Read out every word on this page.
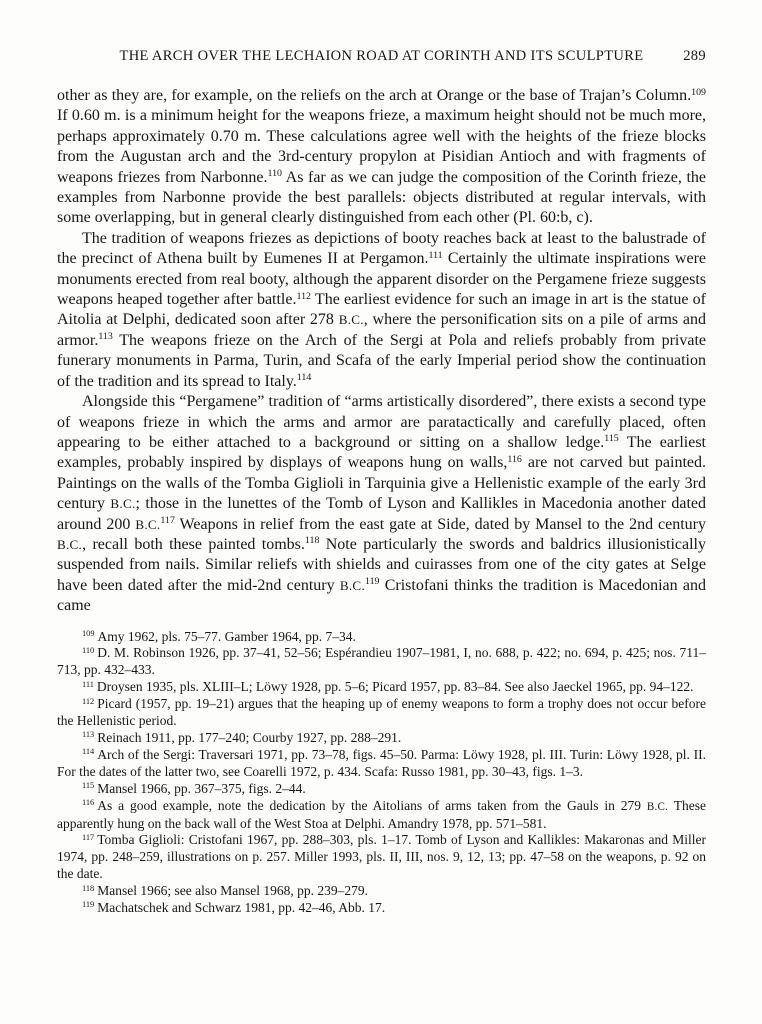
THE ARCH OVER THE LECHAION ROAD AT CORINTH AND ITS SCULPTURE	289

other as they are, for example, on the reliefs on the arch at Orange or the base of Trajan’s Column.$^{109}$ If 0.60 m. is a minimum height for the weapons frieze, a maximum height should not be much more, perhaps approximately 0.70 m. These calculations agree well with the heights of the frieze blocks from the Augustan arch and the 3rd-century propylon at Pisidian Antioch and with fragments of weapons friezes from Narbonne.$^{110}$ As far as we can judge the composition of the Corinth frieze, the examples from Narbonne provide the best parallels: objects distributed at regular intervals, with some overlapping, but in general clearly distinguished from each other (Pl. 60:b, c).

The tradition of weapons friezes as depictions of booty reaches back at least to the balustrade of the precinct of Athena built by Eumenes II at Pergamon.$^{111}$ Certainly the ultimate inspirations were monuments erected from real booty, although the apparent disorder on the Pergamene frieze suggests weapons heaped together after battle.$^{112}$ The earliest evidence for such an image in art is the statue of Aitolia at Delphi, dedicated soon after 278 B.C., where the personification sits on a pile of arms and armor.$^{113}$ The weapons frieze on the Arch of the Sergi at Pola and reliefs probably from private funerary monuments in Parma, Turin, and Scafa of the early Imperial period show the continuation of the tradition and its spread to Italy.$^{114}$

Alongside this “Pergamene” tradition of “arms artistically disordered”, there exists a second type of weapons frieze in which the arms and armor are paratactically and carefully placed, often appearing to be either attached to a background or sitting on a shallow ledge.$^{115}$ The earliest examples, probably inspired by displays of weapons hung on walls,$^{116}$ are not carved but painted. Paintings on the walls of the Tomba Giglioli in Tarquinia give a Hellenistic example of the early 3rd century B.C.; those in the lunettes of the Tomb of Lyson and Kallikles in Macedonia another dated around 200 B.C.$^{117}$ Weapons in relief from the east gate at Side, dated by Mansel to the 2nd century B.C., recall both these painted tombs.$^{118}$ Note particularly the swords and baldrics illusionistically suspended from nails. Similar reliefs with shields and cuirasses from one of the city gates at Selge have been dated after the mid-2nd century B.C.$^{119}$ Cristofani thinks the tradition is Macedonian and came

$^{109}$ Amy 1962, pls. 75–77. Gamber 1964, pp. 7–34.

$^{110}$ D. M. Robinson 1926, pp. 37–41, 52–56; Espérandieu 1907–1981, I, no. 688, p. 422; no. 694, p. 425; nos. 711–713, pp. 432–433.

$^{111}$ Droysen 1935, pls. XLIII–L; Löwy 1928, pp. 5–6; Picard 1957, pp. 83–84. See also Jaeckel 1965, pp. 94–122.

$^{112}$ Picard (1957, pp. 19–21) argues that the heaping up of enemy weapons to form a trophy does not occur before the Hellenistic period.

$^{113}$ Reinach 1911, pp. 177–240; Courby 1927, pp. 288–291.

$^{114}$ Arch of the Sergi: Traversari 1971, pp. 73–78, figs. 45–50. Parma: Löwy 1928, pl. III. Turin: Löwy 1928, pl. II. For the dates of the latter two, see Coarelli 1972, p. 434. Scafa: Russo 1981, pp. 30–43, figs. 1–3.

$^{115}$ Mansel 1966, pp. 367–375, figs. 2–44.

$^{116}$ As a good example, note the dedication by the Aitolians of arms taken from the Gauls in 279 B.C. These apparently hung on the back wall of the West Stoa at Delphi. Amandry 1978, pp. 571–581.

$^{117}$ Tomba Giglioli: Cristofani 1967, pp. 288–303, pls. 1–17. Tomb of Lyson and Kallikles: Makaronas and Miller 1974, pp. 248–259, illustrations on p. 257. Miller 1993, pls. II, III, nos. 9, 12, 13; pp. 47–58 on the weapons, p. 92 on the date.

$^{118}$ Mansel 1966; see also Mansel 1968, pp. 239–279.

$^{119}$ Machatschek and Schwarz 1981, pp. 42–46, Abb. 17.
